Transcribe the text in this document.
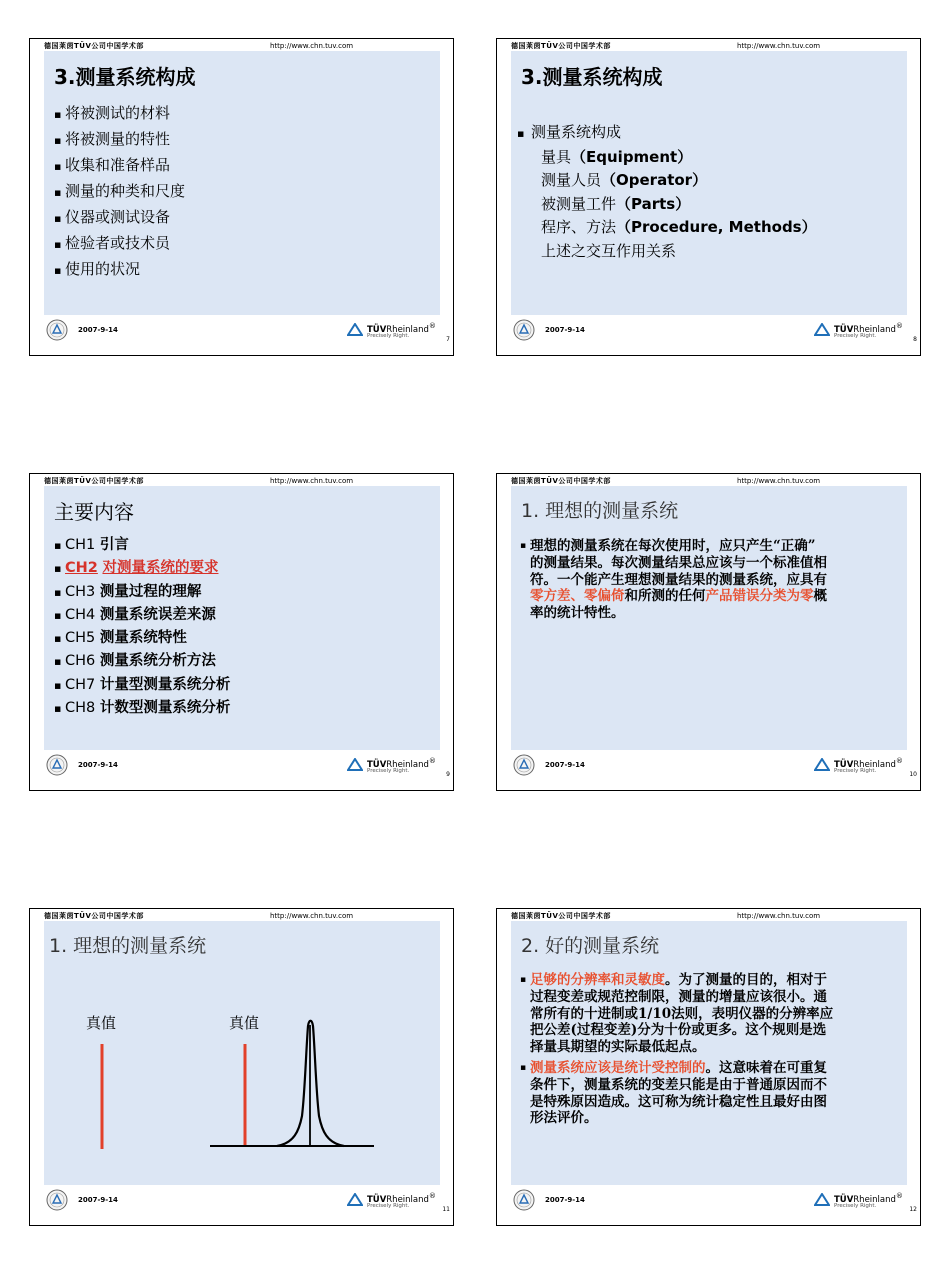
德国莱茵TÜV公司中国学术部	http://www.chn.tuv.com
3.测量系统构成
▪ 将被测试的材料
▪ 将被测量的特性
▪ 收集和准备样品
▪ 测量的种类和尺度
▪ 仪器或测试设备
▪ 检验者或技术员
▪ 使用的状况
2007-9-14	TÜVRheinland®
Precisely Right.	7
德国莱茵TÜV公司中国学术部	http://www.chn.tuv.com
3.测量系统构成
▪ 测量系统构成
量具（Equipment）
测量人员（Operator）
被测量工件（Parts）
程序、方法（Procedure, Methods）
上述之交互作用关系
2007-9-14	TÜVRheinland®
Precisely Right.	8
德国莱茵TÜV公司中国学术部	http://www.chn.tuv.com
主要内容
▪ CH1 引言
▪ CH2 对测量系统的要求
▪ CH3 测量过程的理解
▪ CH4 测量系统误差来源
▪ CH5 测量系统特性
▪ CH6 测量系统分析方法
▪ CH7 计量型测量系统分析
▪ CH8 计数型测量系统分析
2007-9-14	TÜVRheinland®
Precisely Right.	9
德国莱茵TÜV公司中国学术部	http://www.chn.tuv.com
1. 理想的测量系统
▪ 理想的测量系统在每次使用时，应只产生“正确”
的测量结果。每次测量结果总应该与一个标准值相
符。一个能产生理想测量结果的测量系统，应具有
零方差、零偏倚和所测的任何产品错误分类为零概
率的统计特性。
2007-9-14	TÜVRheinland®
Precisely Right.	10
德国莱茵TÜV公司中国学术部	http://www.chn.tuv.com
1. 理想的测量系统
真值	真值
2007-9-14	TÜVRheinland®
Precisely Right.	11
德国莱茵TÜV公司中国学术部	http://www.chn.tuv.com
2. 好的测量系统
▪ 足够的分辨率和灵敏度。为了测量的目的，相对于
过程变差或规范控制限，测量的增量应该很小。通
常所有的十进制或1/10法则，表明仪器的分辨率应
把公差(过程变差)分为十份或更多。这个规则是选
择量具期望的实际最低起点。
▪ 测量系统应该是统计受控制的。这意味着在可重复
条件下，测量系统的变差只能是由于普通原因而不
是特殊原因造成。这可称为统计稳定性且最好由图
形法评价。
2007-9-14	TÜVRheinland®
Precisely Right.	12
